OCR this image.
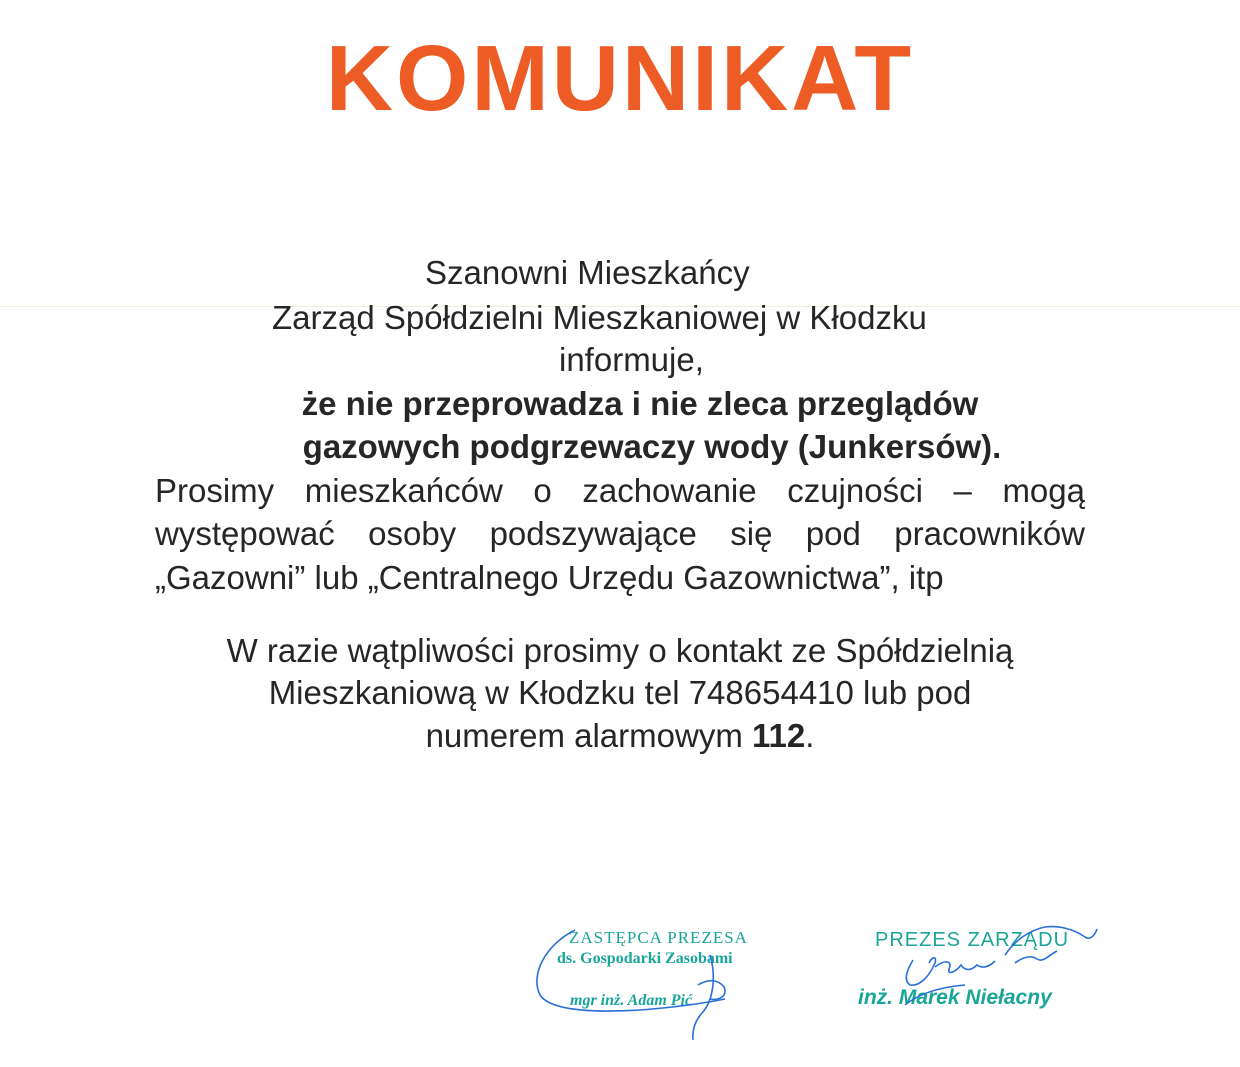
KOMUNIKAT
Szanowni Mieszkańcy
Zarząd Spółdzielni Mieszkaniowej w Kłodzku
informuje,
że nie przeprowadza i nie zleca przeglądów
gazowych podgrzewaczy wody (Junkersów).
Prosimy mieszkańców o zachowanie czujności – mogą
występować osoby podszywające się pod pracowników
„Gazowni” lub „Centralnego Urzędu Gazownictwa”, itp
W razie wątpliwości prosimy o kontakt ze Spółdzielnią
Mieszkaniową w Kłodzku tel 748654410 lub pod
numerem alarmowym 112.
ZASTĘPCA PREZESA
ds. Gospodarki Zasobami
mgr inż. Adam Pić
PREZES ZARZĄDU
inż. Marek Niełacny
